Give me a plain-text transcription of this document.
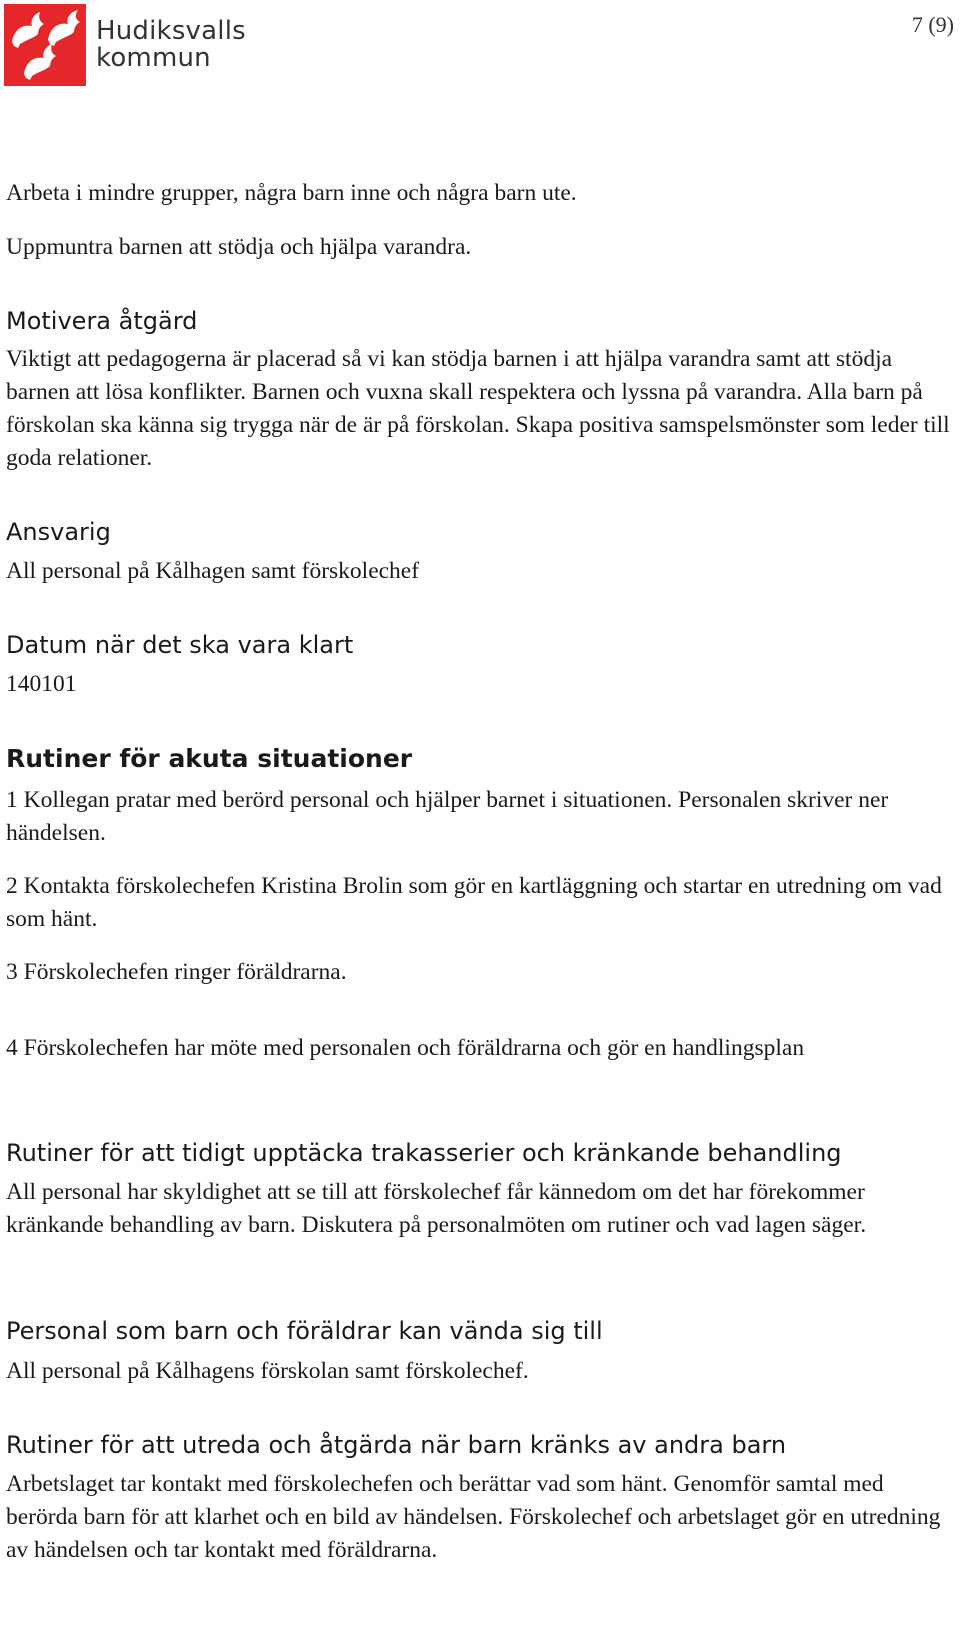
Hudiksvalls
kommun
7 (9)

Arbeta i mindre grupper, några barn inne och några barn ute.

Uppmuntra barnen att stödja och hjälpa varandra.

Motivera åtgärd

Viktigt att pedagogerna är placerad så vi kan stödja barnen i att hjälpa varandra samt att stödja barnen att lösa konflikter. Barnen och vuxna skall respektera och lyssna på varandra. Alla barn på förskolan ska känna sig trygga när de är på förskolan. Skapa positiva samspelsmönster som leder till goda relationer.

Ansvarig

All personal på Kålhagen samt förskolechef

Datum när det ska vara klart

140101

Rutiner för akuta situationer

1 Kollegan pratar med berörd personal och hjälper barnet i situationen. Personalen skriver ner händelsen.

2 Kontakta förskolechefen Kristina Brolin som gör en kartläggning och startar en utredning om vad som hänt.

3 Förskolechefen ringer föräldrarna.

4 Förskolechefen har möte med personalen och föräldrarna och gör en handlingsplan

Rutiner för att tidigt upptäcka trakasserier och kränkande behandling

All personal har skyldighet att se till att förskolechef får kännedom om det har förekommer kränkande behandling av barn. Diskutera på personalmöten om rutiner och vad lagen säger.

Personal som barn och föräldrar kan vända sig till

All personal på Kålhagens förskolan samt förskolechef.

Rutiner för att utreda och åtgärda när barn kränks av andra barn

Arbetslaget tar kontakt med förskolechefen och berättar vad som hänt. Genomför samtal med berörda barn för att klarhet och en bild av händelsen. Förskolechef och arbetslaget gör en utredning av händelsen och tar kontakt med föräldrarna.
